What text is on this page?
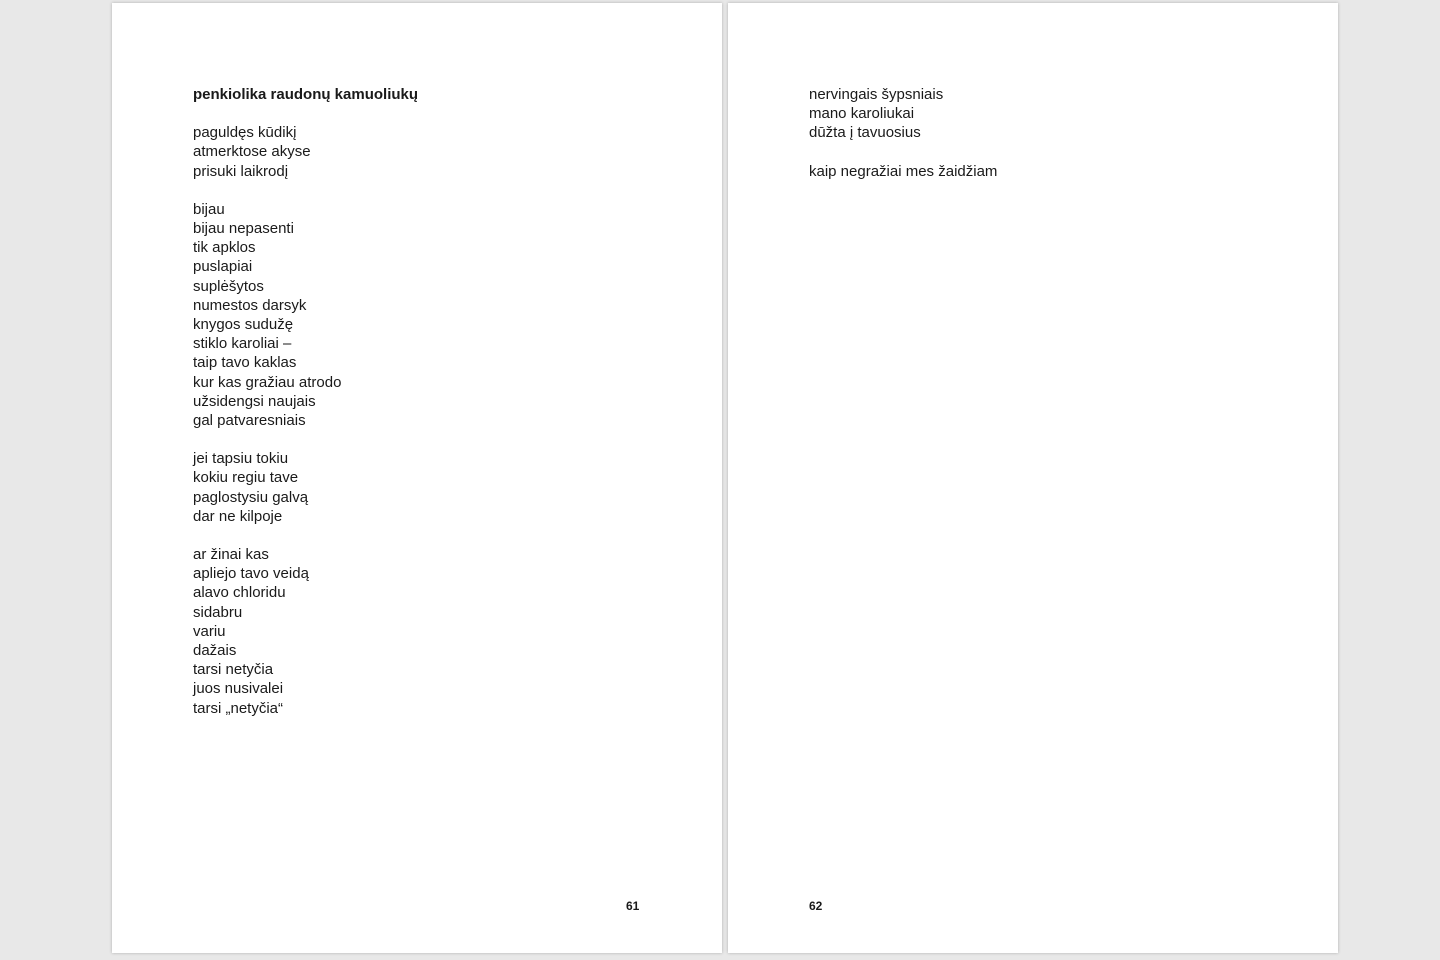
penkiolika raudonų kamuoliukų
paguldęs kūdikį
atmerktose akyse
prisuki laikrodį
bijau
bijau nepasenti
tik apklos
puslapiai
suplėšytos
numestos darsyk
knygos sudužę
stiklo karoliai –
taip tavo kaklas
kur kas gražiau atrodo
užsidengsi naujais
gal patvaresniais
jei tapsiu tokiu
kokiu regiu tave
paglostysiu galvą
dar ne kilpoje
ar žinai kas
apliejo tavo veidą
alavo chloridu
sidabru
variu
dažais
tarsi netyčia
juos nusivalei
tarsi „netyčia“
61
nervingais šypsniais
mano karoliukai
dūžta į tavuosius
kaip negražiai mes žaidžiam
62
